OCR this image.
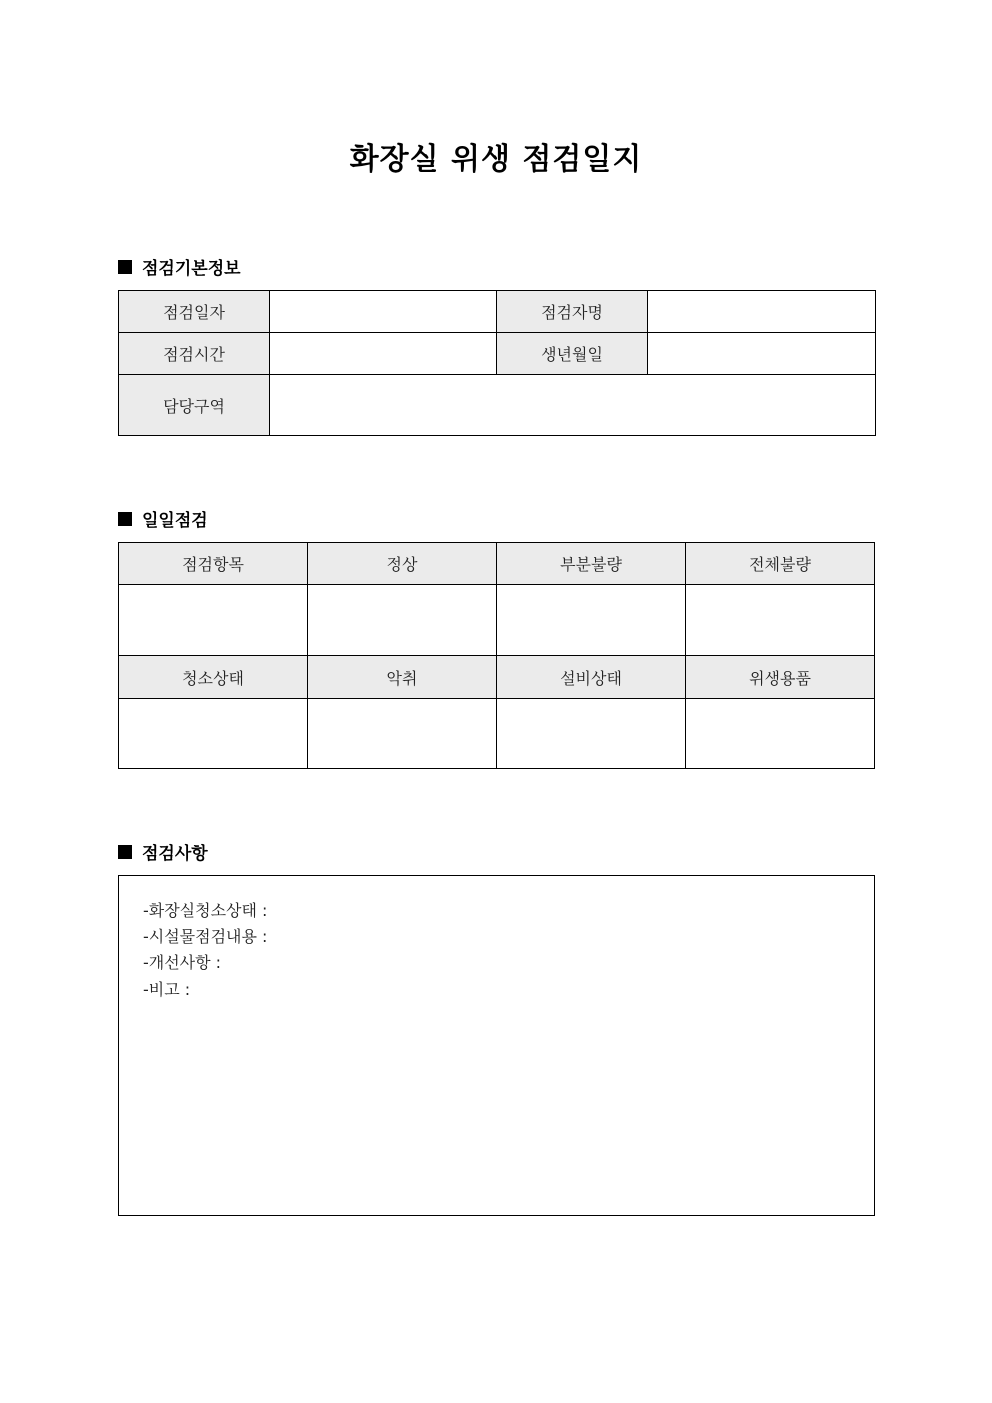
화장실 위생 점검일지
점검기본정보
점검일자		점검자명	
점검시간		생년월일	
담당구역			
일일점검
점검항목	정상	부분불량	전체불량

청소상태	악취	설비상태	위생용품

점검사항
-화장실청소상태 :
-시설물점검내용 :
-개선사항 :
-비고 :
